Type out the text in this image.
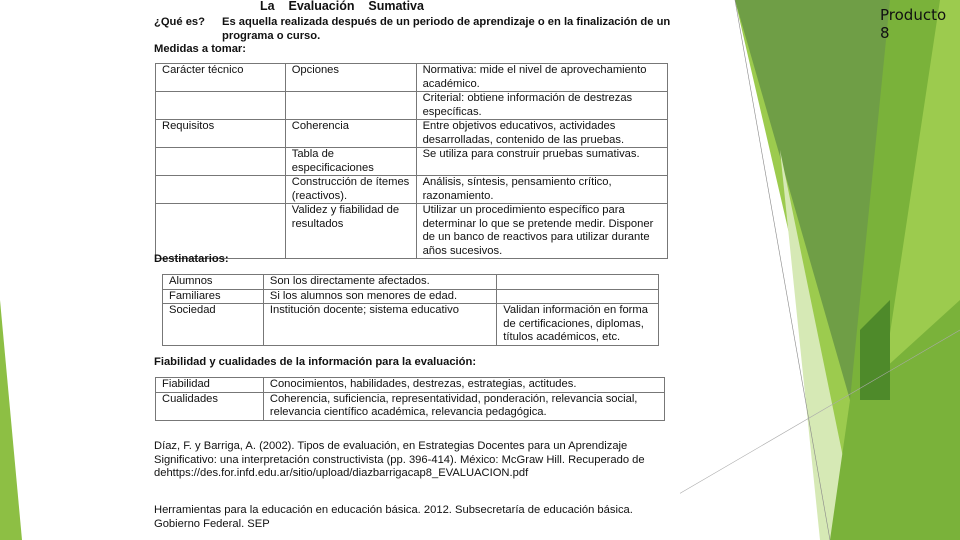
Producto 8
La    Evaluación    Sumativa
¿Qué es? Es aquella realizada después de un periodo de aprendizaje o en la finalización de un programa o curso.
Medidas a tomar:
Carácter técnico	Opciones	Normativa: mide el nivel de aprovechamiento académico.
		Criterial: obtiene información de destrezas específicas.
Requisitos	Coherencia	Entre objetivos educativos, actividades desarrolladas, contenido de las pruebas.
	Tabla de especificaciones	Se utiliza para construir pruebas sumativas.
	Construcción de ítemes (reactivos).	Análisis, síntesis, pensamiento crítico, razonamiento.
	Validez y fiabilidad de resultados	Utilizar un procedimiento específico para determinar lo que se pretende medir. Disponer de un banco de reactivos para utilizar durante años sucesivos.
Destinatarios:
Alumnos	Son los directamente afectados.	
Familiares	Si los alumnos son menores de edad.	
Sociedad	Institución docente; sistema educativo	Validan información en forma de certificaciones, diplomas, títulos académicos, etc.
Fiabilidad y cualidades de la información para la evaluación:
Fiabilidad	Conocimientos, habilidades, destrezas, estrategias, actitudes.
Cualidades	Coherencia, suficiencia, representatividad, ponderación, relevancia social, relevancia científico académica, relevancia pedagógica.
Díaz, F. y Barriga, A. (2002). Tipos de evaluación, en Estrategias Docentes para un Aprendizaje Significativo: una interpretación constructivista (pp. 396-414). México: McGraw Hill. Recuperado de dehttps://des.for.infd.edu.ar/sitio/upload/diazbarrigacap8_EVALUACION.pdf
Herramientas para la educación en educación básica. 2012. Subsecretaría de educación básica. Gobierno Federal. SEP
